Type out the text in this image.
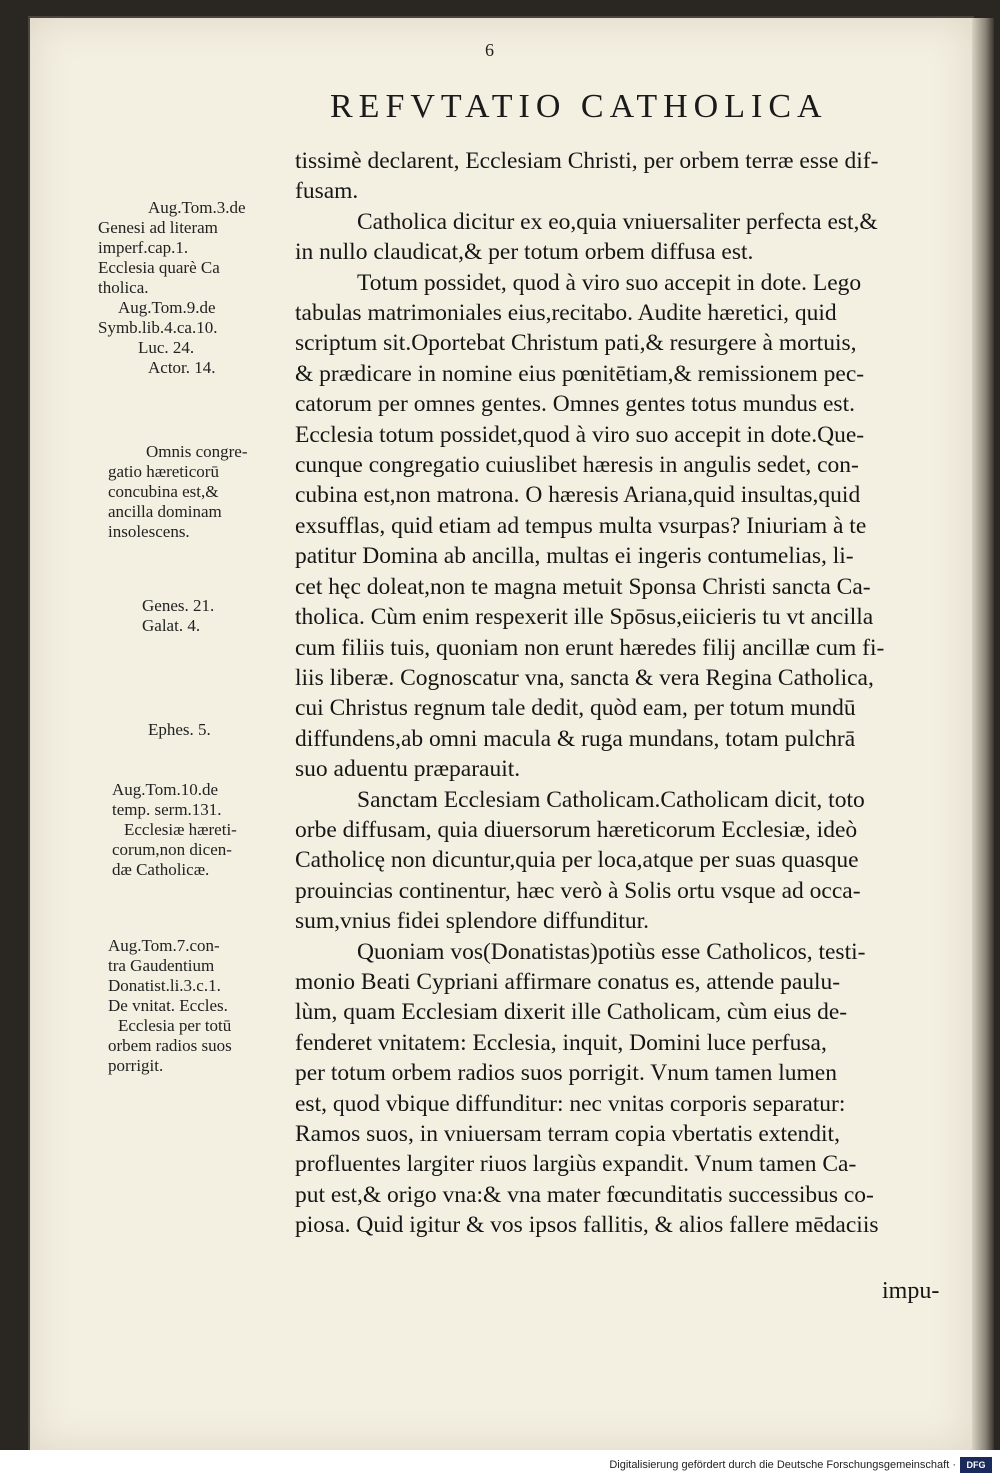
6
REFVTATIO CATHOLICA
Aug.Tom.3.de
Genesi ad literam
imperf.cap.1.
Ecclesia quarè Ca
tholica.
Aug.Tom.9.de
Symb.lib.4.ca.10.
Luc. 24.
Actor. 14.
Omnis congre-
gatio hæreticorū
concubina est,&
ancilla dominam
insolescens.
Genes. 21.
Galat. 4.
Ephes. 5.
Aug.Tom.10.de
temp. serm.131.
Ecclesiæ hæreti-
corum,non dicen-
dæ Catholicæ.
Aug.Tom.7.con-
tra Gaudentium
Donatist.li.3.c.1.
De vnitat. Eccles.
Ecclesia per totū
orbem radios suos
porrigit.
tissimè declarent, Ecclesiam Christi, per orbem terræ esse dif-
fusam.
Catholica dicitur ex eo,quia vniuersaliter perfecta est,&
in nullo claudicat,& per totum orbem diffusa est.
Totum possidet, quod à viro suo accepit in dote. Lego
tabulas matrimoniales eius,recitabo. Audite hæretici, quid
scriptum sit.Oportebat Christum pati,& resurgere à mortuis,
& prædicare in nomine eius pœnitētiam,& remissionem pec-
catorum per omnes gentes. Omnes gentes totus mundus est.
Ecclesia totum possidet,quod à viro suo accepit in dote.Que-
cunque congregatio cuiuslibet hæresis in angulis sedet, con-
cubina est,non matrona. O hæresis Ariana,quid insultas,quid
exsufflas, quid etiam ad tempus multa vsurpas? Iniuriam à te
patitur Domina ab ancilla, multas ei ingeris contumelias, li-
cet hęc doleat,non te magna metuit Sponsa Christi sancta Ca-
tholica. Cùm enim respexerit ille Spōsus,eiicieris tu vt ancilla
cum filiis tuis, quoniam non erunt hæredes filij ancillæ cum fi-
liis liberæ. Cognoscatur vna, sancta & vera Regina Catholica,
cui Christus regnum tale dedit, quòd eam, per totum mundū
diffundens,ab omni macula & ruga mundans, totam pulchrā
suo aduentu præparauit.
Sanctam Ecclesiam Catholicam.Catholicam dicit, toto
orbe diffusam, quia diuersorum hæreticorum Ecclesiæ, ideò
Catholicę non dicuntur,quia per loca,atque per suas quasque
prouincias continentur, hæc verò à Solis ortu vsque ad occa-
sum,vnius fidei splendore diffunditur.
Quoniam vos(Donatistas)potiùs esse Catholicos, testi-
monio Beati Cypriani affirmare conatus es, attende paulu-
lùm, quam Ecclesiam dixerit ille Catholicam, cùm eius de-
fenderet vnitatem: Ecclesia, inquit, Domini luce perfusa,
per totum orbem radios suos porrigit. Vnum tamen lumen
est, quod vbique diffunditur: nec vnitas corporis separatur:
Ramos suos, in vniuersam terram copia vbertatis extendit,
profluentes largiter riuos largiùs expandit. Vnum tamen Ca-
put est,& origo vna:& vna mater fœcunditatis successibus co-
piosa. Quid igitur & vos ipsos fallitis, & alios fallere mēdaciis
impu-
Digitalisierung gefördert durch die Deutsche Forschungsgemeinschaft ·	DFG
